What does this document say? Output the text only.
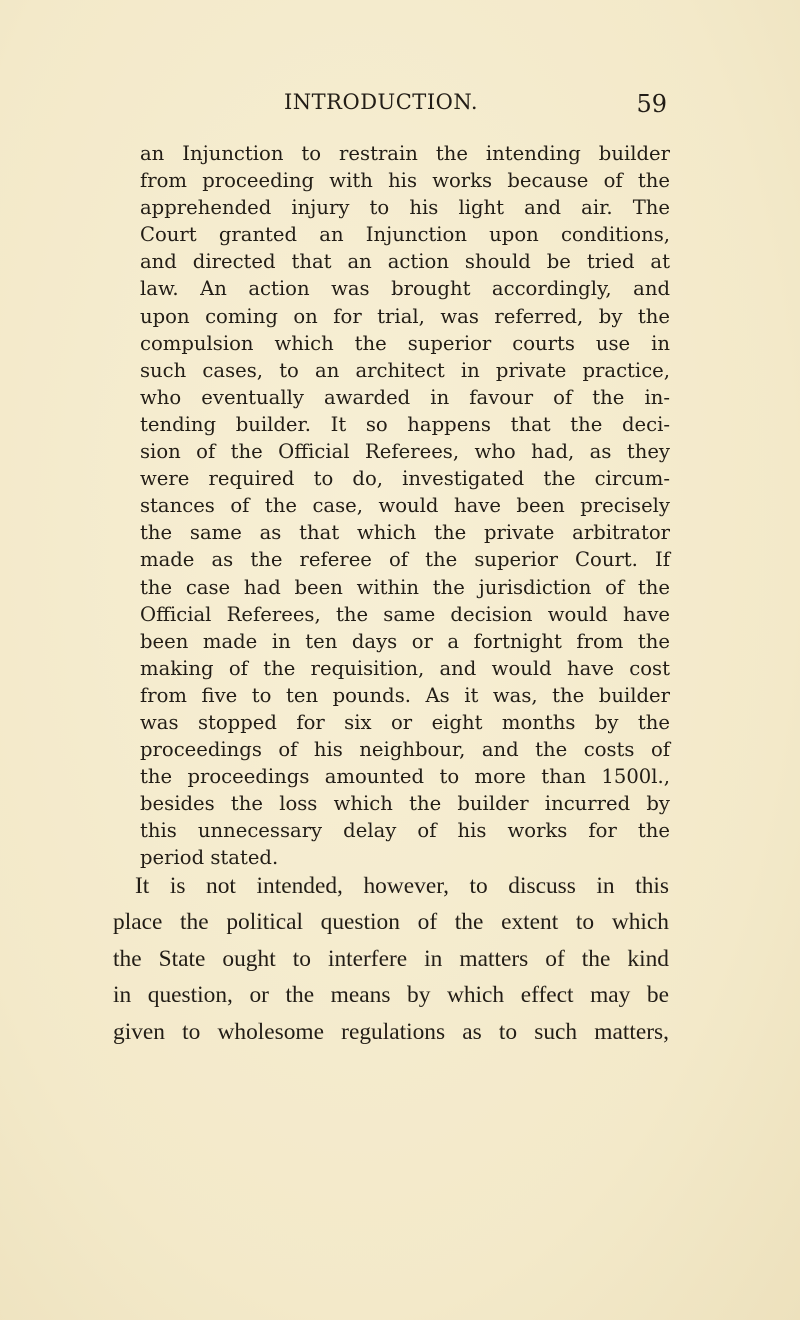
INTRODUCTION.	59
an Injunction to restrain the intending builder
from proceeding with his works because of the
apprehended injury to his light and air. The
Court granted an Injunction upon conditions,
and directed that an action should be tried at
law. An action was brought accordingly, and
upon coming on for trial, was referred, by the
compulsion which the superior courts use in
such cases, to an architect in private practice,
who eventually awarded in favour of the in-
tending builder. It so happens that the deci-
sion of the Official Referees, who had, as they
were required to do, investigated the circum-
stances of the case, would have been precisely
the same as that which the private arbitrator
made as the referee of the superior Court. If
the case had been within the jurisdiction of the
Official Referees, the same decision would have
been made in ten days or a fortnight from the
making of the requisition, and would have cost
from five to ten pounds. As it was, the builder
was stopped for six or eight months by the
proceedings of his neighbour, and the costs of
the proceedings amounted to more than 1500l.,
besides the loss which the builder incurred by
this unnecessary delay of his works for the
period stated.
It is not intended, however, to discuss in this
place the political question of the extent to which
the State ought to interfere in matters of the kind
in question, or the means by which effect may be
given to wholesome regulations as to such matters,
